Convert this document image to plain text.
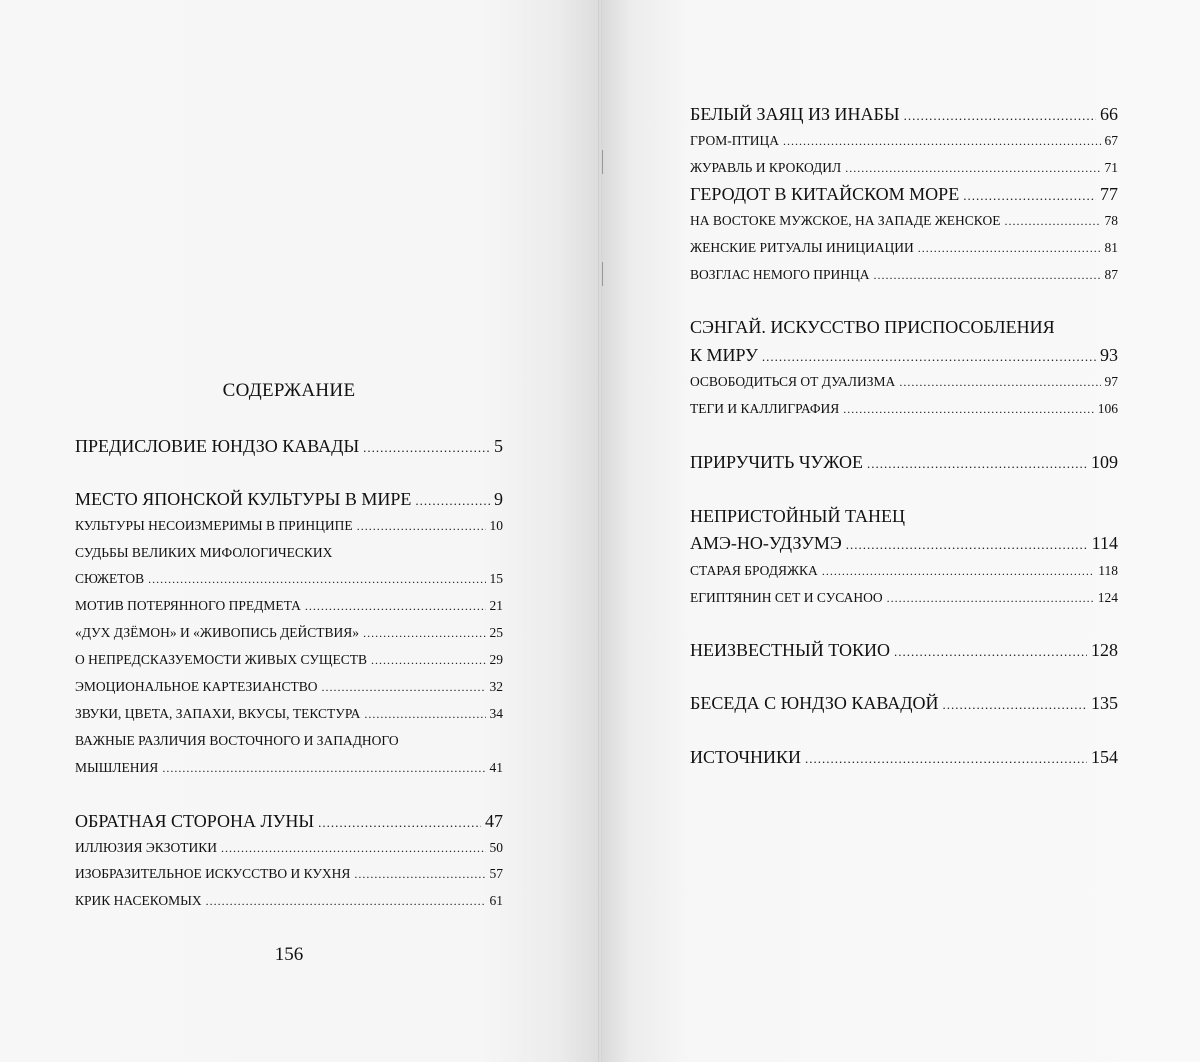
СОДЕРЖАНИЕ
ПРЕДИСЛОВИЕ ЮНДЗО КАВАДЫ .....	5
МЕСТО ЯПОНСКОЙ КУЛЬТУРЫ В МИРЕ .....	9
КУЛЬТУРЫ НЕСОИЗМЕРИМЫ В ПРИНЦИПЕ .....	10
СУДЬБЫ ВЕЛИКИХ МИФОЛОГИЧЕСКИХ
СЮЖЕТОВ .....	15
МОТИВ ПОТЕРЯННОГО ПРЕДМЕТА .....	21
«ДУХ ДЗЁМОН» И «ЖИВОПИСЬ ДЕЙСТВИЯ» .....	25
О НЕПРЕДСКАЗУЕМОСТИ ЖИВЫХ СУЩЕСТВ .....	29
ЭМОЦИОНАЛЬНОЕ КАРТЕЗИАНСТВО .....	32
ЗВУКИ, ЦВЕТА, ЗАПАХИ, ВКУСЫ, ТЕКСТУРА .....	34
ВАЖНЫЕ РАЗЛИЧИЯ ВОСТОЧНОГО И ЗАПАДНОГО
МЫШЛЕНИЯ .....	41
ОБРАТНАЯ СТОРОНА ЛУНЫ .....	47
ИЛЛЮЗИЯ ЭКЗОТИКИ .....	50
ИЗОБРАЗИТЕЛЬНОЕ ИСКУССТВО И КУХНЯ .....	57
КРИК НАСЕКОМЫХ .....	61
156
БЕЛЫЙ ЗАЯЦ ИЗ ИНАБЫ .....	66
ГРОМ-ПТИЦА .....	67
ЖУРАВЛЬ И КРОКОДИЛ .....	71
ГЕРОДОТ В КИТАЙСКОМ МОРЕ .....	77
НА ВОСТОКЕ МУЖСКОЕ, НА ЗАПАДЕ ЖЕНСКОЕ .....	78
ЖЕНСКИЕ РИТУАЛЫ ИНИЦИАЦИИ .....	81
ВОЗГЛАС НЕМОГО ПРИНЦА .....	87
СЭНГАЙ. ИСКУССТВО ПРИСПОСОБЛЕНИЯ
К МИРУ .....	93
ОСВОБОДИТЬСЯ ОТ ДУАЛИЗМА .....	97
ТЕГИ И КАЛЛИГРАФИЯ .....	106
ПРИРУЧИТЬ ЧУЖОЕ .....	109
НЕПРИСТОЙНЫЙ ТАНЕЦ
АМЭ-НО-УДЗУМЭ .....	114
СТАРАЯ БРОДЯЖКА .....	118
ЕГИПТЯНИН СЕТ И СУСАНОО .....	124
НЕИЗВЕСТНЫЙ ТОКИО .....	128
БЕСЕДА С ЮНДЗО КАВАДОЙ .....	135
ИСТОЧНИКИ .....	154
